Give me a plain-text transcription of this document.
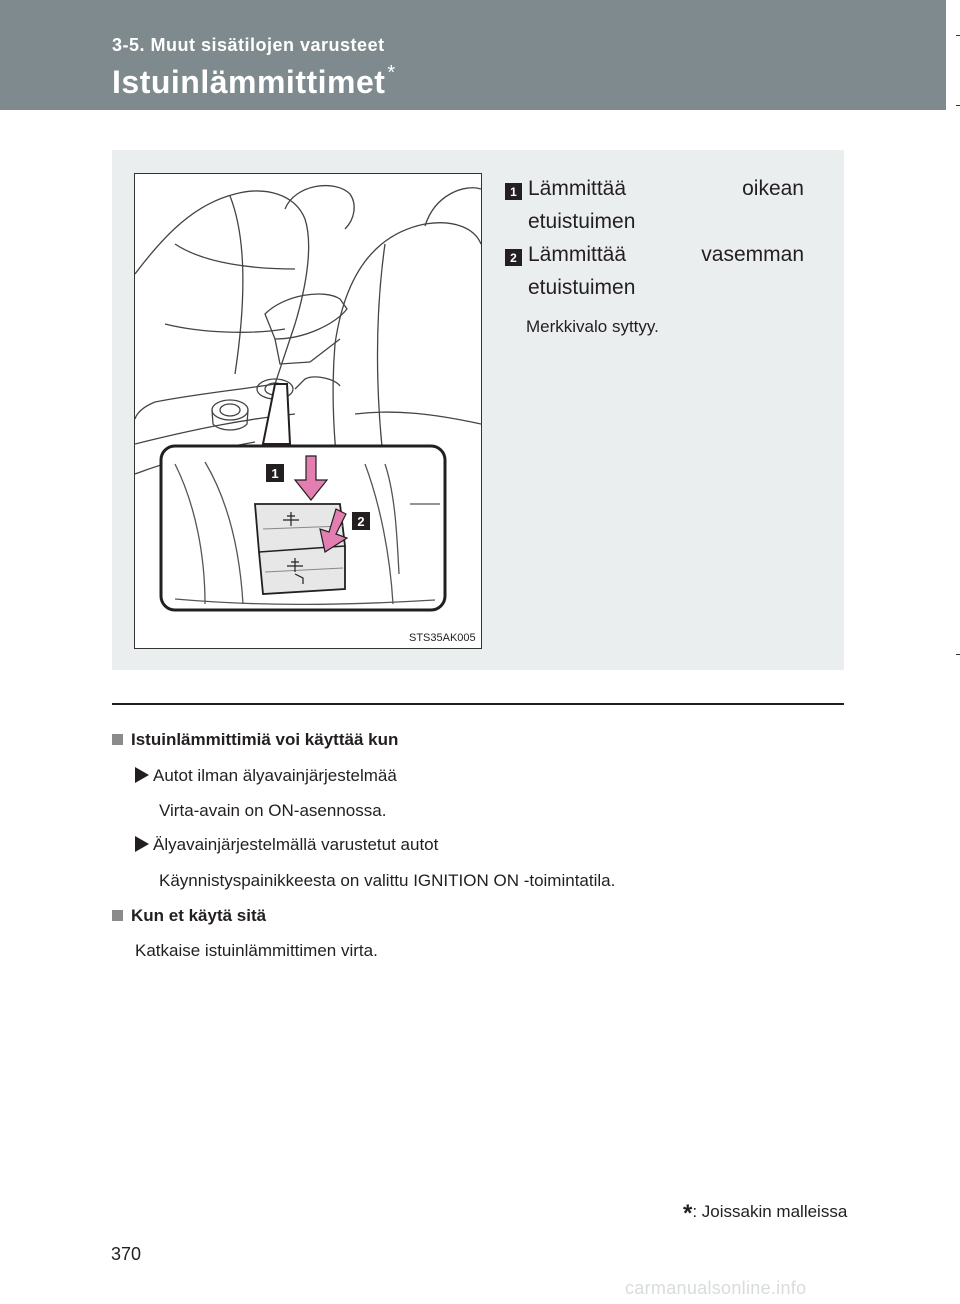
3-5. Muut sisätilojen varusteet
Istuinlämmittimet *
1
2
STS35AK005
1 Lämmittää oikean etuistuimen
2 Lämmittää vasemman etuistuimen
Merkkivalo syttyy.
Istuinlämmittimiä voi käyttää kun
Autot ilman älyavainjärjestelmää
Virta-avain on ON-asennossa.
Älyavainjärjestelmällä varustetut autot
Käynnistyspainikkeesta on valittu IGNITION ON -toimintatila.
Kun et käytä sitä
Katkaise istuinlämmittimen virta.
*: Joissakin malleissa
370
carmanualsonline.info
